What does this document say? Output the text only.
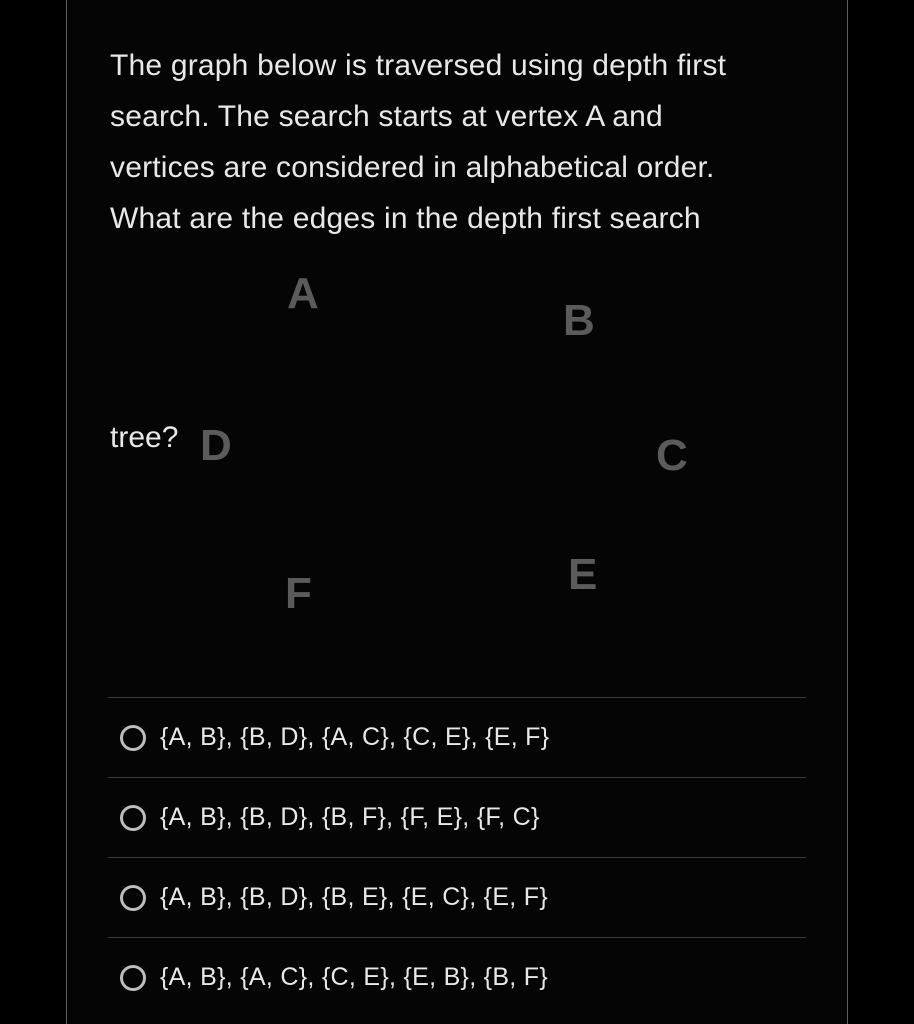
The graph below is traversed using depth first
search. The search starts at vertex A and
vertices are considered in alphabetical order.
What are the edges in the depth first search
tree?
A
B
C
D
E
F
{A, B}, {B, D}, {A, C}, {C, E}, {E, F}
{A, B}, {B, D}, {B, F}, {F, E}, {F, C}
{A, B}, {B, D}, {B, E}, {E, C}, {E, F}
{A, B}, {A, C}, {C, E}, {E, B}, {B, F}
